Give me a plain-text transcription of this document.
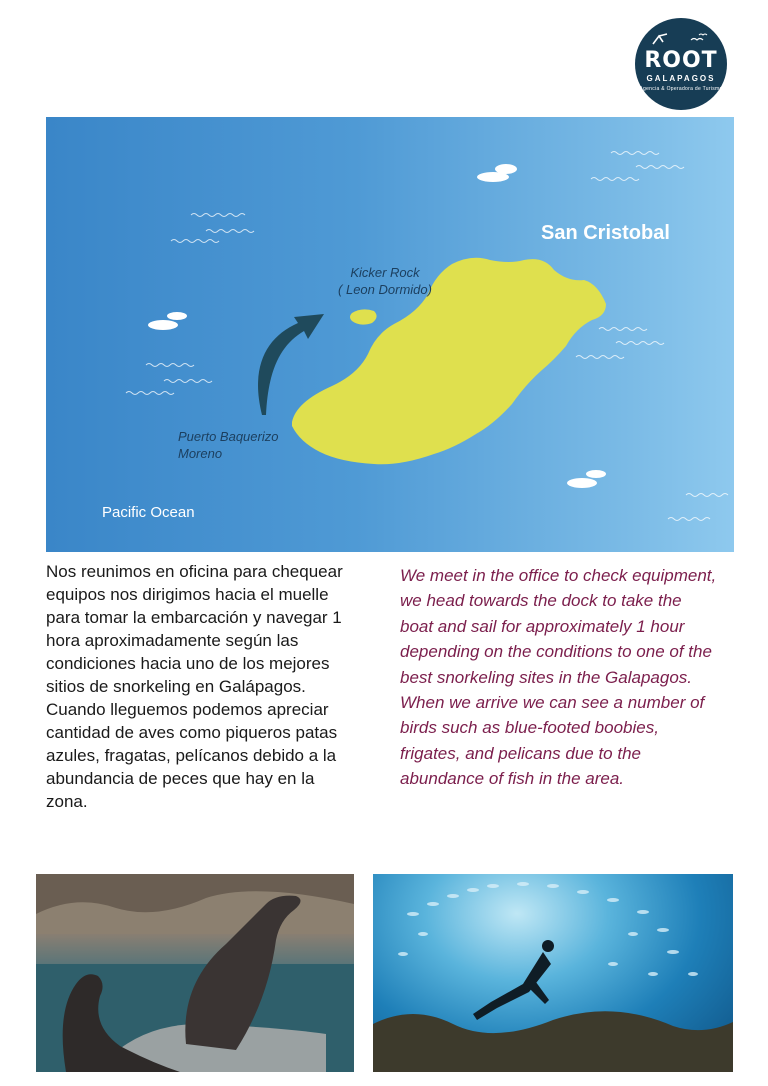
ROOT
GALAPAGOS
Agencia & Operadora de Turismo
San Cristobal
Kicker Rock
( Leon Dormido)
Puerto Baquerizo
Moreno
Pacific Ocean

Nos reunimos en oficina para chequear

equipos nos dirigimos hacia el muelle

para tomar la embarcación y navegar 1

hora aproximadamente según las

condiciones hacia uno de los mejores

sitios de snorkeling en Galápagos.

Cuando lleguemos podemos apreciar

cantidad de aves como piqueros patas

azules, fragatas, pelícanos debido a la

abundancia de peces que hay en la

zona.

We meet in the office to check equipment,

we head towards the dock to take the

boat and sail for approximately 1 hour

depending on the conditions to one of the

best snorkeling sites in the Galapagos.

When we arrive we can see a number of

birds such as blue-footed boobies,

frigates, and pelicans due to the

abundance of fish in the area.
